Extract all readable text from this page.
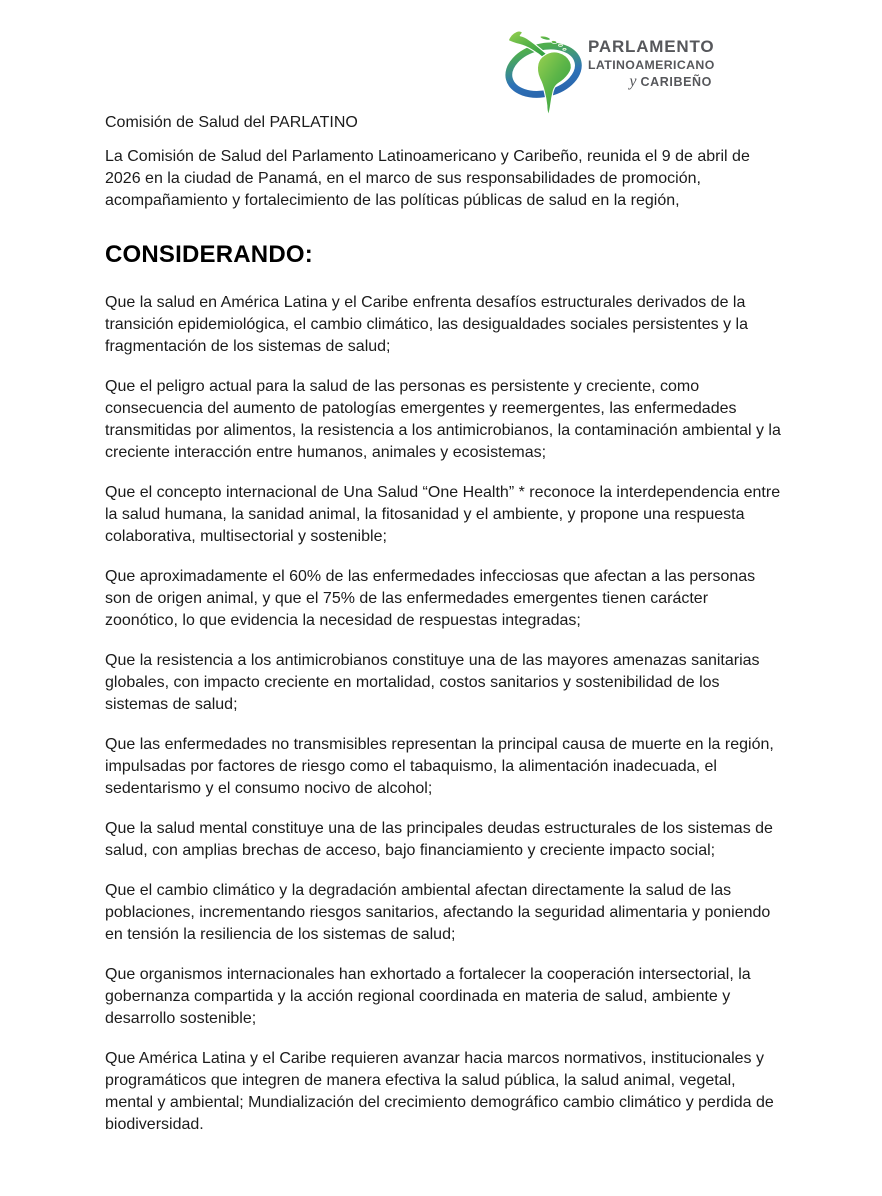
PARLAMENTO
LATINOAMERICANO
y CARIBEÑO

Comisión de Salud del PARLATINO

La Comisión de Salud del Parlamento Latinoamericano y Caribeño, reunida el 9 de abril de 2026 en la ciudad de Panamá, en el marco de sus responsabilidades de promoción, acompañamiento y fortalecimiento de las políticas públicas de salud en la región,

CONSIDERANDO:

Que la salud en América Latina y el Caribe enfrenta desafíos estructurales derivados de la transición epidemiológica, el cambio climático, las desigualdades sociales persistentes y la fragmentación de los sistemas de salud;

Que el peligro actual para la salud de las personas es persistente y creciente, como consecuencia del aumento de patologías emergentes y reemergentes, las enfermedades transmitidas por alimentos, la resistencia a los antimicrobianos, la contaminación ambiental y la creciente interacción entre humanos, animales y ecosistemas;

Que el concepto internacional de Una Salud “One Health” * reconoce la interdependencia entre la salud humana, la sanidad animal, la fitosanidad y el ambiente, y propone una respuesta colaborativa, multisectorial y sostenible;

Que aproximadamente el 60% de las enfermedades infecciosas que afectan a las personas son de origen animal, y que el 75% de las enfermedades emergentes tienen carácter zoonótico, lo que evidencia la necesidad de respuestas integradas;

Que la resistencia a los antimicrobianos constituye una de las mayores amenazas sanitarias globales, con impacto creciente en mortalidad, costos sanitarios y sostenibilidad de los sistemas de salud;

Que las enfermedades no transmisibles representan la principal causa de muerte en la región, impulsadas por factores de riesgo como el tabaquismo, la alimentación inadecuada, el sedentarismo y el consumo nocivo de alcohol;

Que la salud mental constituye una de las principales deudas estructurales de los sistemas de salud, con amplias brechas de acceso, bajo financiamiento y creciente impacto social;

Que el cambio climático y la degradación ambiental afectan directamente la salud de las poblaciones, incrementando riesgos sanitarios, afectando la seguridad alimentaria y poniendo en tensión la resiliencia de los sistemas de salud;

Que organismos internacionales han exhortado a fortalecer la cooperación intersectorial, la gobernanza compartida y la acción regional coordinada en materia de salud, ambiente y desarrollo sostenible;

Que América Latina y el Caribe requieren avanzar hacia marcos normativos, institucionales y programáticos que integren de manera efectiva la salud pública, la salud animal, vegetal, mental y ambiental; Mundialización del crecimiento demográfico cambio climático y perdida de biodiversidad.
